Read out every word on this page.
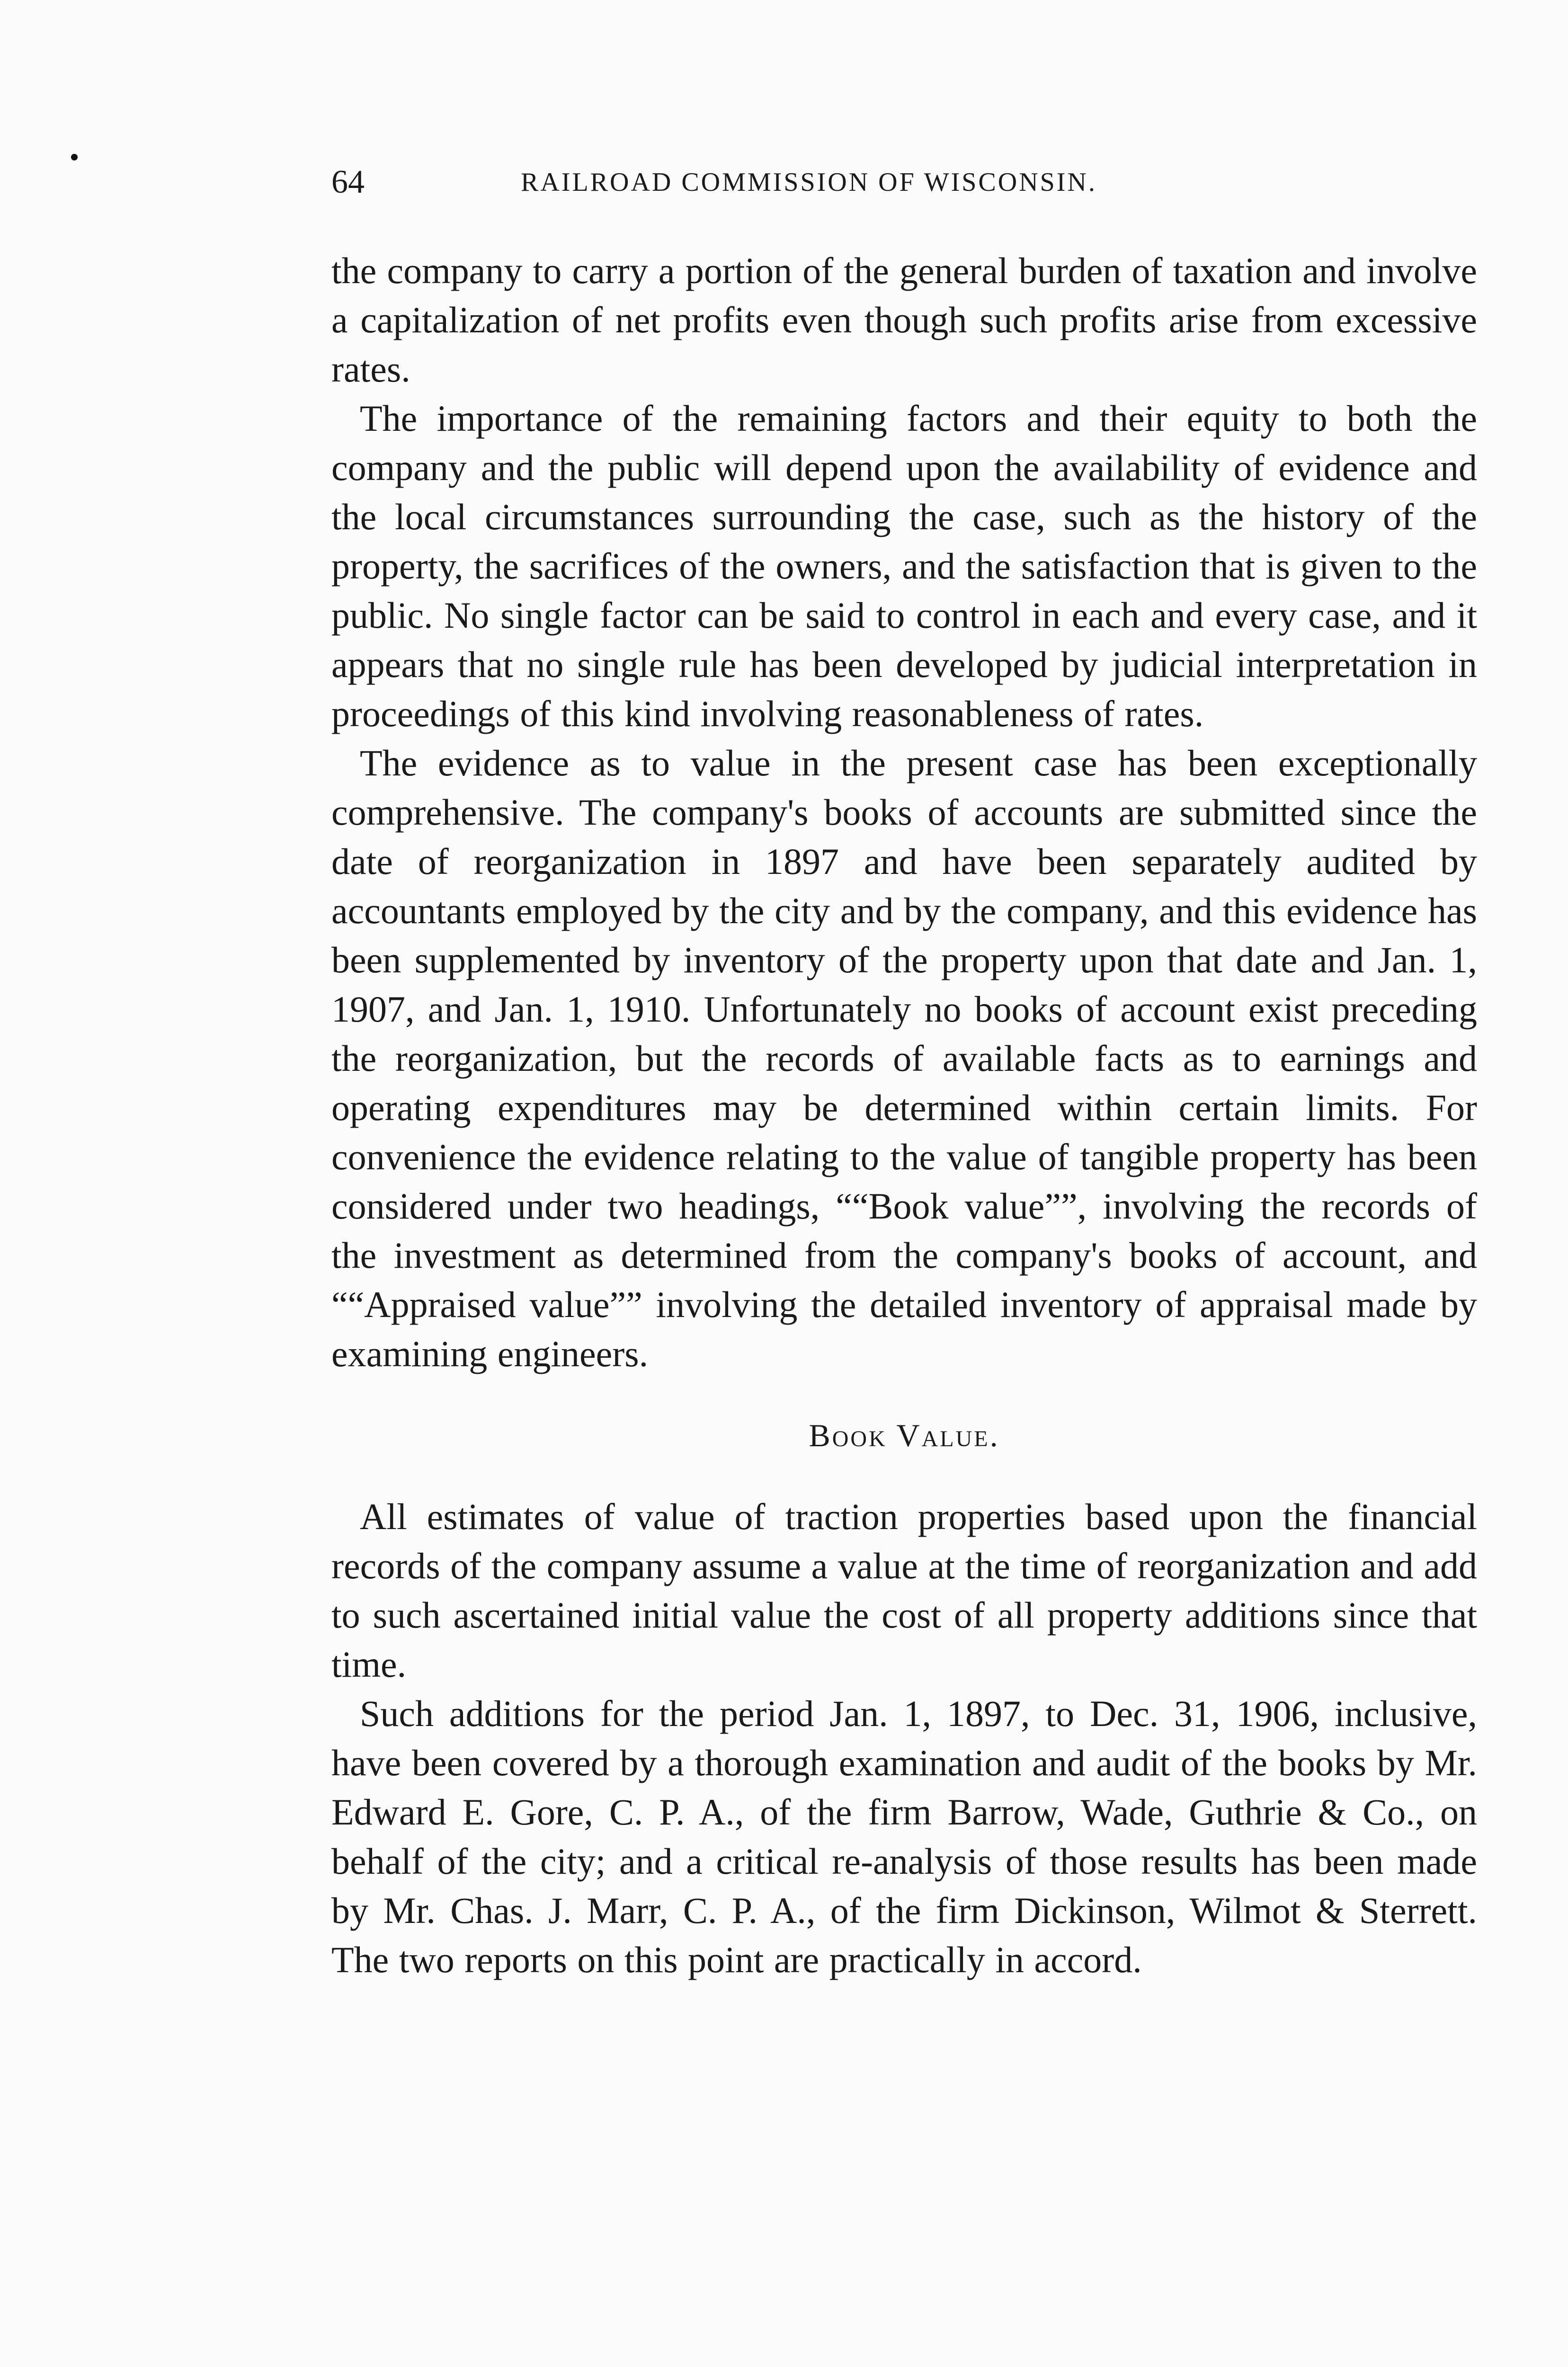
64	RAILROAD COMMISSION OF WISCONSIN.

the company to carry a portion of the general burden of taxation and involve a capitalization of net profits even though such profits arise from excessive rates.

The importance of the remaining factors and their equity to both the company and the public will depend upon the availability of evidence and the local circumstances surrounding the case, such as the history of the property, the sacrifices of the owners, and the satisfaction that is given to the public. No single factor can be said to control in each and every case, and it appears that no single rule has been developed by judicial interpretation in proceedings of this kind involving reasonableness of rates.

The evidence as to value in the present case has been exceptionally comprehensive. The company's books of accounts are submitted since the date of reorganization in 1897 and have been separately audited by accountants employed by the city and by the company, and this evidence has been supplemented by inventory of the property upon that date and Jan. 1, 1907, and Jan. 1, 1910. Unfortunately no books of account exist preceding the reorganization, but the records of available facts as to earnings and operating expenditures may be determined within certain limits. For convenience the evidence relating to the value of tangible property has been considered under two headings, ““Book value””, involving the records of the investment as determined from the company's books of account, and ““Appraised value”” involving the detailed inventory of appraisal made by examining engineers.

Book Value.

All estimates of value of traction properties based upon the financial records of the company assume a value at the time of reorganization and add to such ascertained initial value the cost of all property additions since that time.

Such additions for the period Jan. 1, 1897, to Dec. 31, 1906, inclusive, have been covered by a thorough examination and audit of the books by Mr. Edward E. Gore, C. P. A., of the firm Barrow, Wade, Guthrie & Co., on behalf of the city; and a critical re-analysis of those results has been made by Mr. Chas. J. Marr, C. P. A., of the firm Dickinson, Wilmot & Sterrett. The two reports on this point are practically in accord.
